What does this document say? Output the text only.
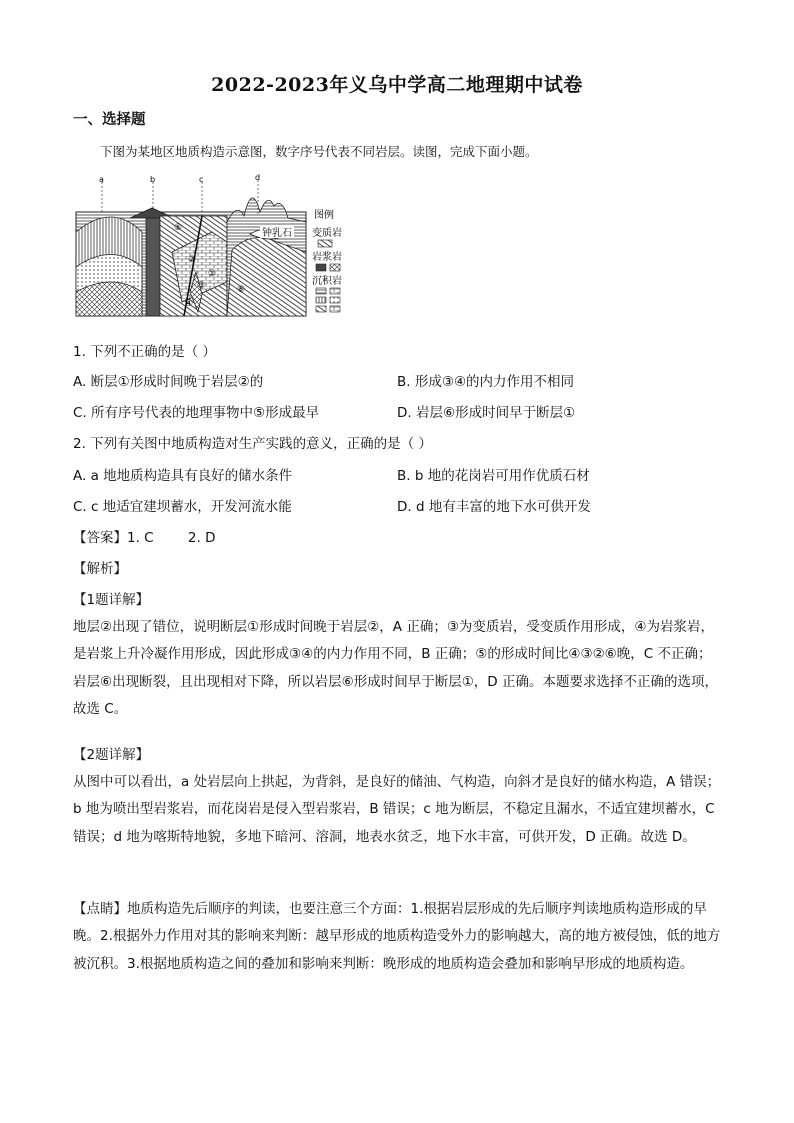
2022-2023年义乌中学高二地理期中试卷
一、选择题
下图为某地区地质构造示意图，数字序号代表不同岩层。读图，完成下面小题。
a	b	c	d
⑤
②
③
④
①
⑥
钟乳石
图例
变质岩
岩浆岩
沉积岩
1. 下列不正确的是（ ）
A. 断层①形成时间晚于岩层②的	B. 形成③④的内力作用不相同
C. 所有序号代表的地理事物中⑤形成最早	D. 岩层⑥形成时间早于断层①
2. 下列有关图中地质构造对生产实践的意义，正确的是（ ）
A. a 地地质构造具有良好的储水条件	B. b 地的花岗岩可用作优质石材
C. c 地适宜建坝蓄水，开发河流水能	D. d 地有丰富的地下水可供开发
【答案】1. C        2. D
【解析】
【1题详解】
地层②出现了错位，说明断层①形成时间晚于岩层②，A 正确；③为变质岩，受变质作用形成，④为岩浆岩，是岩浆上升冷凝作用形成，因此形成③④的内力作用不同，B 正确；⑤的形成时间比④③②⑥晚，C 不正确；岩层⑥出现断裂，且出现相对下降，所以岩层⑥形成时间早于断层①，D 正确。本题要求选择不正确的选项，故选 C。
【2题详解】
从图中可以看出，a 处岩层向上拱起，为背斜，是良好的储油、气构造，向斜才是良好的储水构造，A 错误；b 地为喷出型岩浆岩，而花岗岩是侵入型岩浆岩，B 错误；c 地为断层，不稳定且漏水，不适宜建坝蓄水，C 错误；d 地为喀斯特地貌，多地下暗河、溶洞，地表水贫乏，地下水丰富，可供开发，D 正确。故选 D。
【点睛】地质构造先后顺序的判读，也要注意三个方面：1.根据岩层形成的先后顺序判读地质构造形成的早晚。2.根据外力作用对其的影响来判断：越早形成的地质构造受外力的影响越大，高的地方被侵蚀，低的地方被沉积。3.根据地质构造之间的叠加和影响来判断：晚形成的地质构造会叠加和影响早形成的地质构造。
